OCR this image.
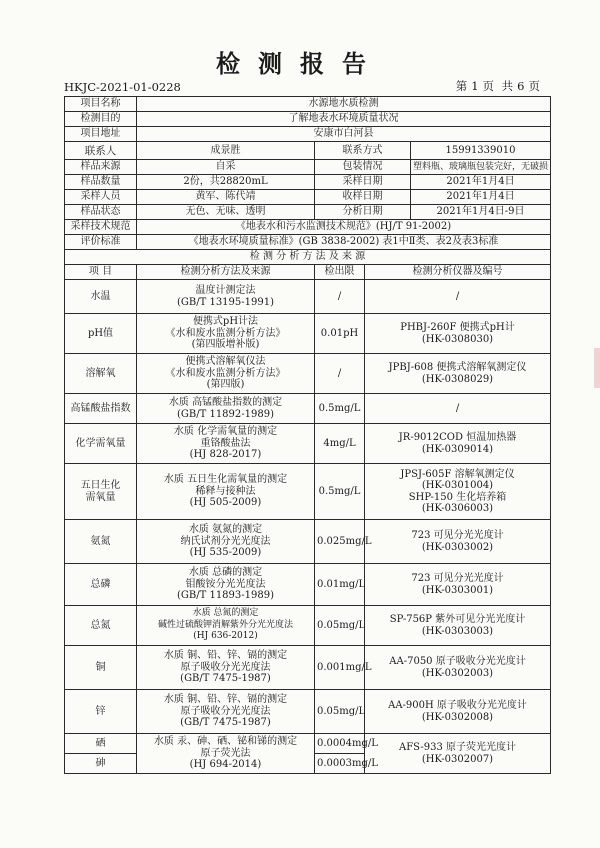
检测报告
HKJC-2021-01-0228	第 1 页 共 6 页
项目名称	水源地水质检测			
检测目的	了解地表水环境质量状况			
项目地址	安康市白河县			
联系人	成景胜	联系方式		15991339010
样品来源	自采	包装情况		塑料瓶、玻璃瓶包装完好，无破损
样品数量	2份，共28820mL	采样日期		2021年1月4日
采样人员	黄军、陈代靖	收样日期		2021年1月4日
样品状态	无色、无味、透明	分析日期		2021年1月4日-9日
采样技术规范	《地表水和污水监测技术规范》(HJ/T 91-2002)			
评价标准	《地表水环境质量标准》(GB 3838-2002) 表1中Ⅱ类、表2及表3标准			
检 测 分 析 方 法 及 来 源				
项 目	检测分析方法及来源	检出限	检测分析仪器及编号	
水温	温度计测定法
(GB/T 13195-1991)	/	/	
pH值	便携式pH计法
《水和废水监测分析方法》
(第四版增补版)	0.01pH	PHBJ-260F 便携式pH计
(HK-0308030)	
溶解氧	便携式溶解氧仪法
《水和废水监测分析方法》
(第四版)	/	JPBJ-608 便携式溶解氧测定仪
(HK-0308029)	
高锰酸盐指数	水质 高锰酸盐指数的测定
(GB/T 11892-1989)	0.5mg/L	/	
化学需氧量	水质 化学需氧量的测定
重铬酸盐法
(HJ 828-2017)	4mg/L	JR-9012COD 恒温加热器
(HK-0309014)	
五日生化
需氧量	水质 五日生化需氧量的测定
稀释与接种法
(HJ 505-2009)	0.5mg/L	JPSJ-605F 溶解氧测定仪
(HK-0301004)
SHP-150 生化培养箱
(HK-0306003)	
氨氮	水质 氨氮的测定
纳氏试剂分光光度法
(HJ 535-2009)	0.025mg/L	723 可见分光光度计
(HK-0303002)	
总磷	水质 总磷的测定
钼酸铵分光光度法
(GB/T 11893-1989)	0.01mg/L	723 可见分光光度计
(HK-0303001)	
总氮	水质 总氮的测定
碱性过硫酸钾消解紫外分光光度法
(HJ 636-2012)	0.05mg/L	SP-756P 紫外可见分光光度计
(HK-0303003)	
铜	水质 铜、铅、锌、镉的测定
原子吸收分光光度法
(GB/T 7475-1987)	0.001mg/L	AA-7050 原子吸收分光光度计
(HK-0302003)	
锌	水质 铜、铅、锌、镉的测定
原子吸收分光光度法
(GB/T 7475-1987)	0.05mg/L	AA-900H 原子吸收分光光度计
(HK-0302008)	
硒	水质 汞、砷、硒、铋和锑的测定
原子荧光法
(HJ 694-2014)	0.0004mg/L	AFS-933 原子荧光光度计
(HK-0302007)	
砷		0.0003mg/L		
